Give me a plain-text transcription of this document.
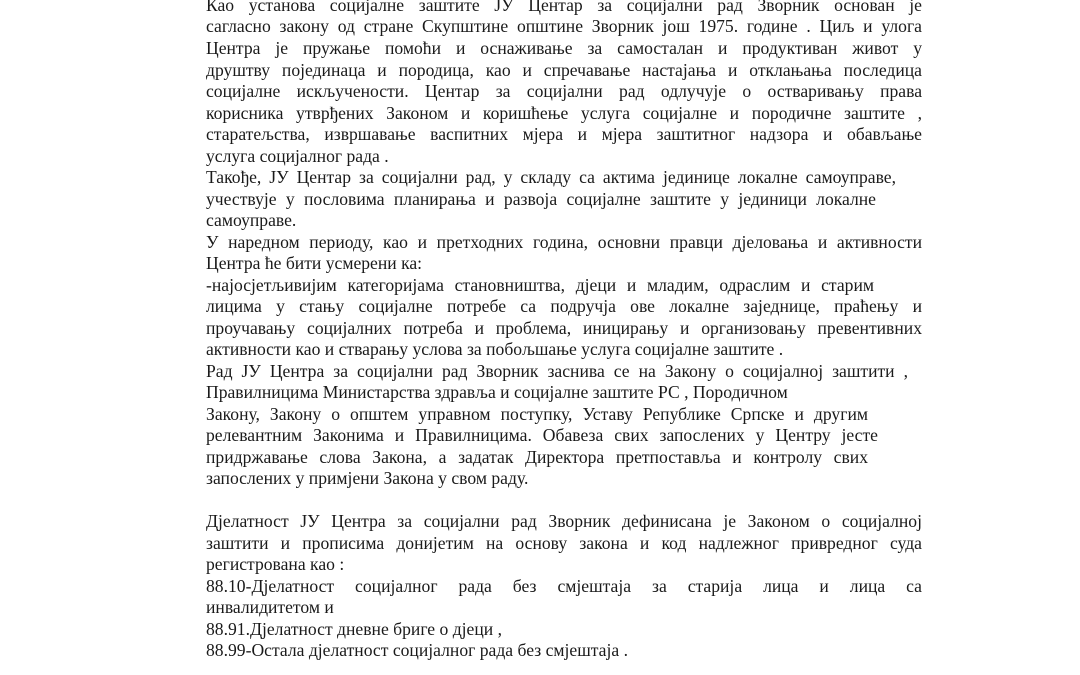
Као установа социјалне заштите ЈУ Центар за социјални рад Зворник основан је
сагласно закону од стране Скупштине општине Зворник још 1975. године . Циљ и улога
Центра је пружање помоћи и оснаживање за самосталан и продуктиван живот у
друштву појединаца и породица, као и спречавање настајања и отклањања последица
социјалне искључености. Центар за социјални рад одлучује о остваривању права
корисника утврђених Законом и коришћење услуга социјалне и породичне заштите ,
старатељства, извршавање васпитних мјера и мјера заштитног надзора и обављање
услуга социјалног рада .
Такође, ЈУ Центар за социјални рад, у складу са актима јединице локалне самоуправе,
учествује у пословима планирања и развоја социјалне заштите у јединици локалне
самоуправе.
У наредном периоду, као и претходних година, основни правци дјеловања и активности
Центра ће бити усмерени ка:
-најосјетљивијим категоријама становништва, дјеци и младим, одраслим и старим
лицима у стању социјалне потребе са подручја ове локалне заједнице, праћењу и
проучавању социјалних потреба и проблема, иницирању и организовању превентивних
активности као и стварању услова за побољшање услуга социјалне заштите .
Рад ЈУ Центра за социјални рад Зворник заснива се на Закону о социјалној заштити ,
Правилницима Министарства здравља и социјалне заштите РС , Породичном
Закону, Закону о општем управном поступку, Уставу Републике Српске и другим
релевантним Законима и Правилницима. Обавеза свих запослених у Центру јесте
придржавање слова Закона, а задатак Директора претпоставља и контролу свих
запослених у примјени Закона у свом раду.
Дјелатност ЈУ Центра за социјални рад Зворник дефинисана је Законом о социјалној
заштити и прописима донијетим на основу закона и код надлежног привредног суда
регистрована као :
88.10-Дјелатност социјалног рада без смјештаја за старија лица и лица са
инвалидитетом и
88.91.Дјелатност дневне бриге о дјеци ,
88.99-Остала дјелатност социјалног рада без смјештаја .
